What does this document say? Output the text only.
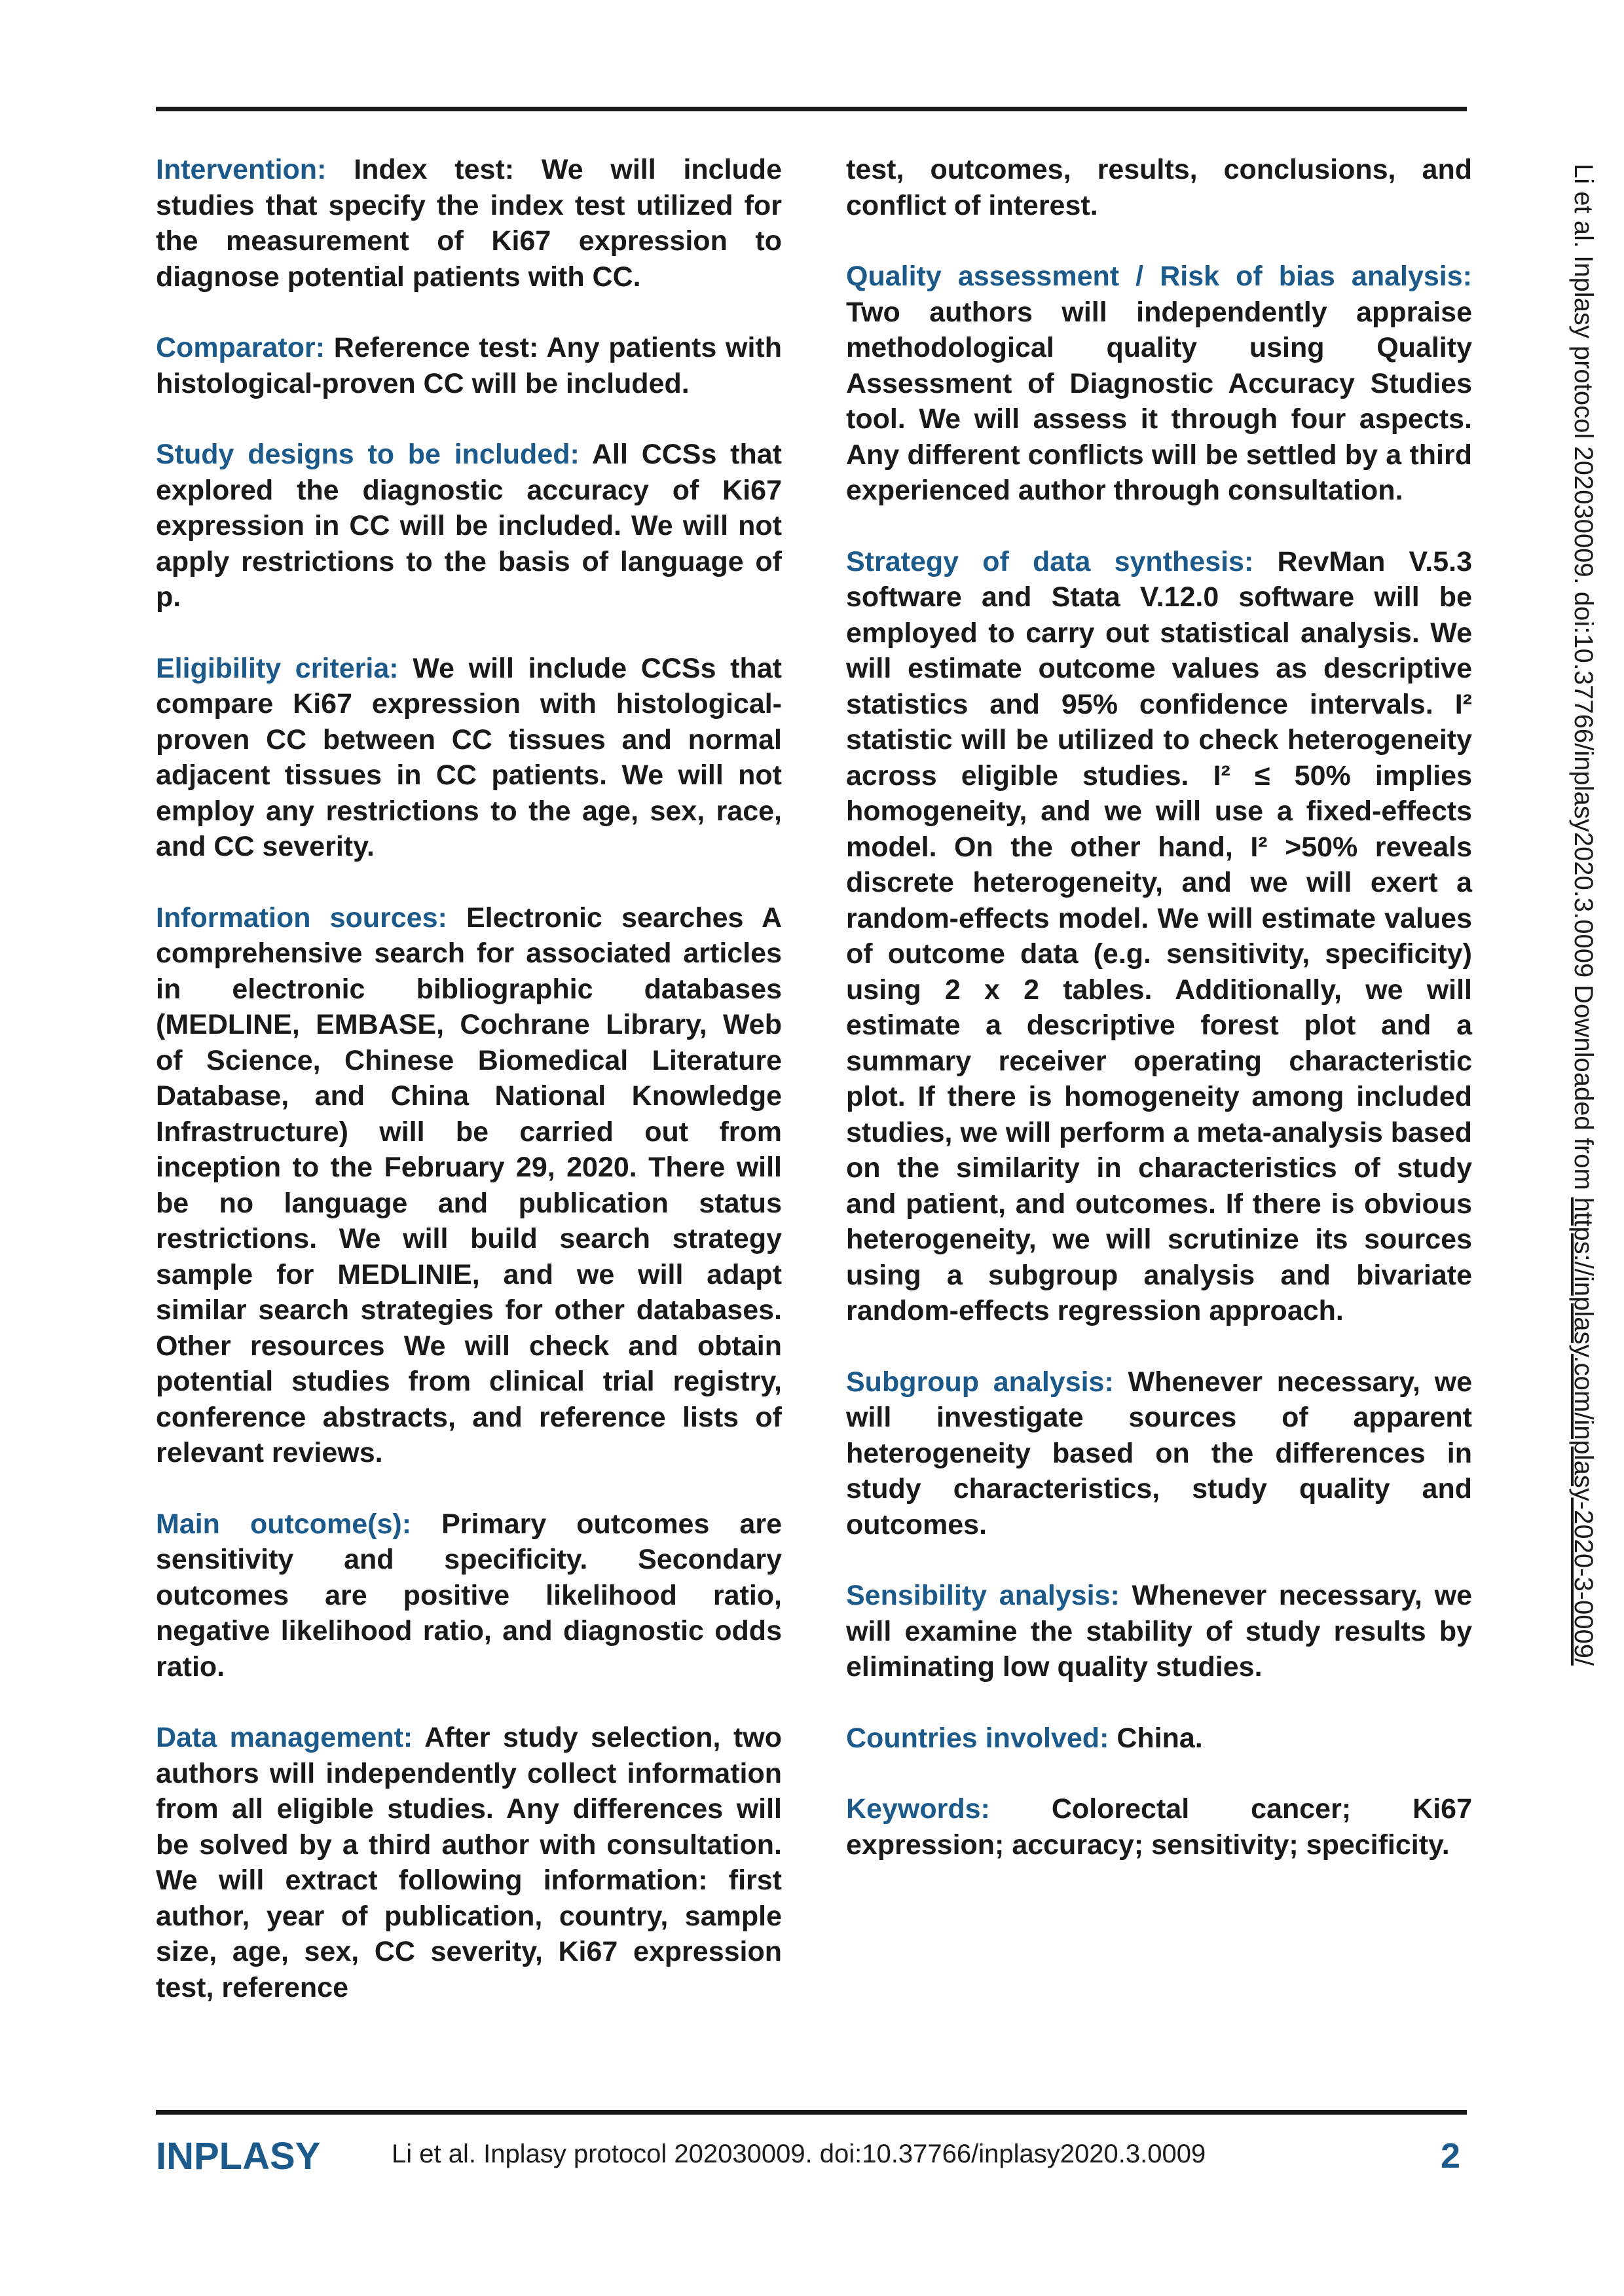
Intervention: Index test: We will include studies that specify the index test utilized for the measurement of Ki67 expression to diagnose potential patients with CC.

Comparator: Reference test: Any patients with histological-proven CC will be included.

Study designs to be included: All CCSs that explored the diagnostic accuracy of Ki67 expression in CC will be included. We will not apply restrictions to the basis of language of p.

Eligibility criteria: We will include CCSs that compare Ki67 expression with histological-proven CC between CC tissues and normal adjacent tissues in CC patients. We will not employ any restrictions to the age, sex, race, and CC severity.

Information sources: Electronic searches A comprehensive search for associated articles in electronic bibliographic databases (MEDLINE, EMBASE, Cochrane Library, Web of Science, Chinese Biomedical Literature Database, and China National Knowledge Infrastructure) will be carried out from inception to the February 29, 2020. There will be no language and publication status restrictions. We will build search strategy sample for MEDLINIE, and we will adapt similar search strategies for other databases. Other resources We will check and obtain potential studies from clinical trial registry, conference abstracts, and reference lists of relevant reviews.

Main outcome(s): Primary outcomes are sensitivity and specificity. Secondary outcomes are positive likelihood ratio, negative likelihood ratio, and diagnostic odds ratio.

Data management: After study selection, two authors will independently collect information from all eligible studies. Any differences will be solved by a third author with consultation. We will extract following information: first author, year of publication, country, sample size, age, sex, CC severity, Ki67 expression test, reference

test, outcomes, results, conclusions, and conflict of interest.

Quality assessment / Risk of bias analysis: Two authors will independently appraise methodological quality using Quality Assessment of Diagnostic Accuracy Studies tool. We will assess it through four aspects. Any different conflicts will be settled by a third experienced author through consultation.

Strategy of data synthesis: RevMan V.5.3 software and Stata V.12.0 software will be employed to carry out statistical analysis. We will estimate outcome values as descriptive statistics and 95% confidence intervals. I² statistic will be utilized to check heterogeneity across eligible studies. I² ≤ 50% implies homogeneity, and we will use a fixed-effects model. On the other hand, I² >50% reveals discrete heterogeneity, and we will exert a random-effects model. We will estimate values of outcome data (e.g. sensitivity, specificity) using 2 x 2 tables. Additionally, we will estimate a descriptive forest plot and a summary receiver operating characteristic plot. If there is homogeneity among included studies, we will perform a meta-analysis based on the similarity in characteristics of study and patient, and outcomes. If there is obvious heterogeneity, we will scrutinize its sources using a subgroup analysis and bivariate random-effects regression approach.

Subgroup analysis: Whenever necessary, we will investigate sources of apparent heterogeneity based on the differences in study characteristics, study quality and outcomes.

Sensibility analysis: Whenever necessary, we will examine the stability of study results by eliminating low quality studies.

Countries involved: China.

Keywords: Colorectal cancer; Ki67 expression; accuracy; sensitivity; specificity.

Li et al. Inplasy protocol 202030009. doi:10.37766/inplasy2020.3.0009 Downloaded from https://inplasy.com/inplasy-2020-3-0009/
INPLASY	Li et al. Inplasy protocol 202030009. doi:10.37766/inplasy2020.3.0009	2
